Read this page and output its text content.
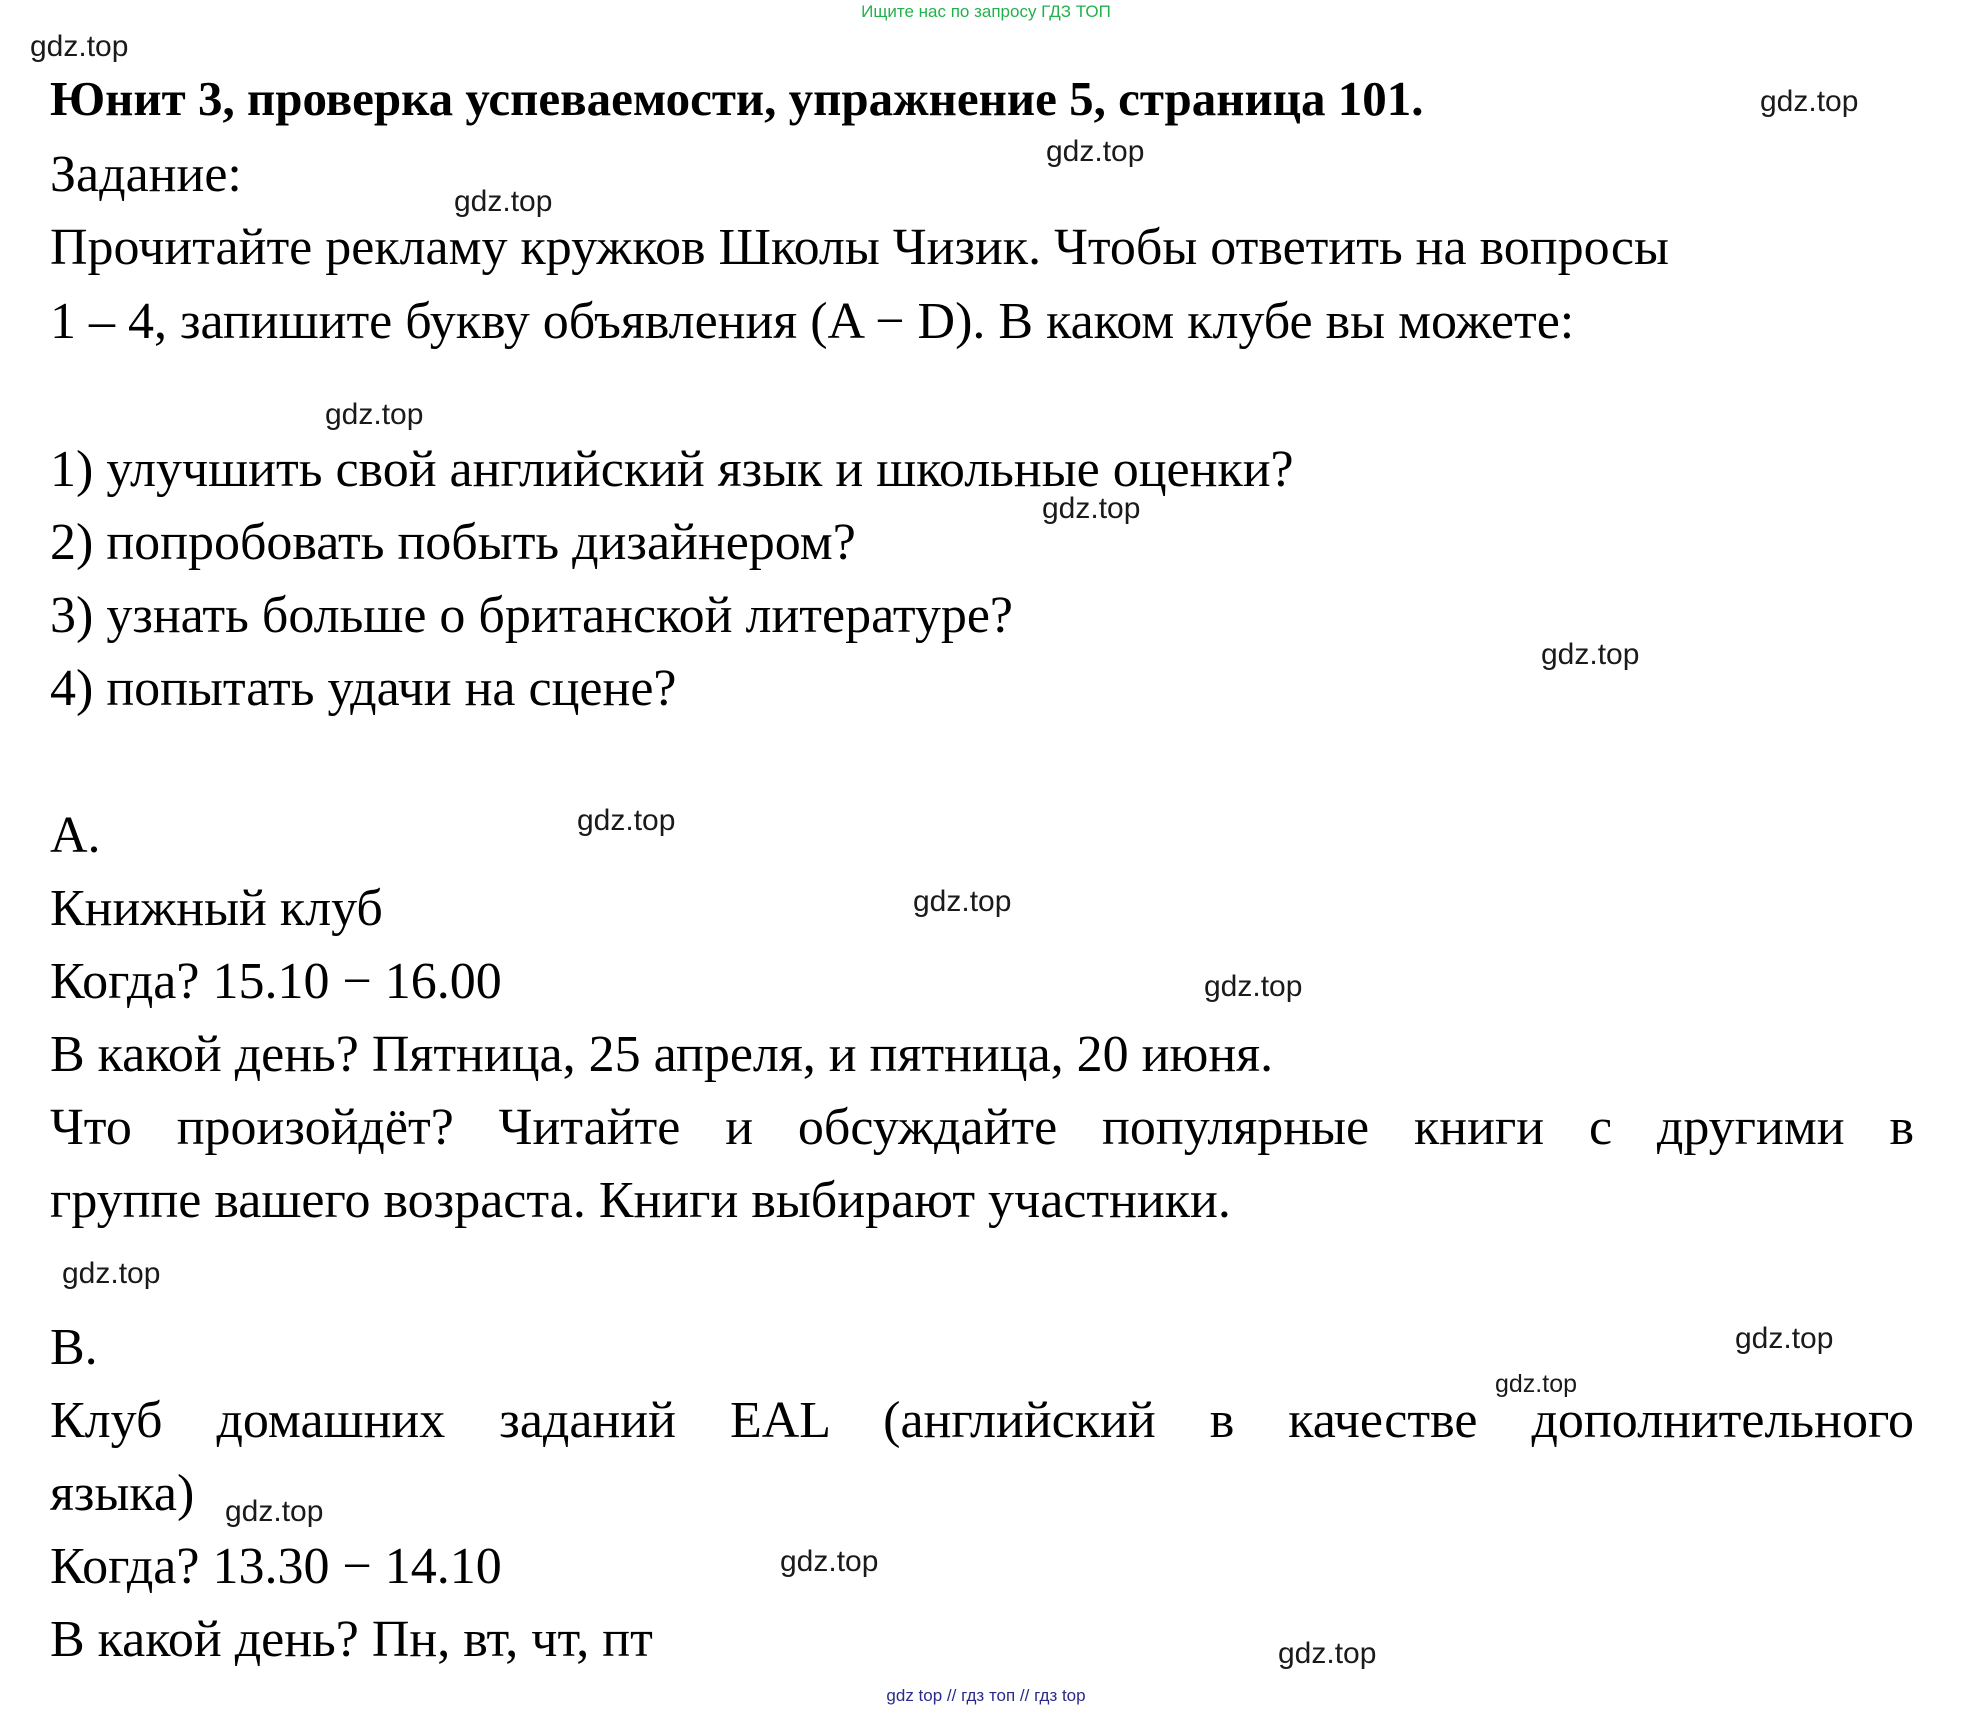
Ищите нас по запросу ГДЗ ТОП
Юнит 3, проверка успеваемости, упражнение 5, страница 101.
Задание:
Прочитайте рекламу кружков Школы Чизик. Чтобы ответить на вопросы
1 – 4, запишите букву объявления (A − D). В каком клубе вы можете:
1) улучшить свой английский язык и школьные оценки?
2) попробовать побыть дизайнером?
3) узнать больше о британской литературе?
4) попытать удачи на сцене?
A.
Книжный клуб
Когда? 15.10 − 16.00
В какой день? Пятница, 25 апреля, и пятница, 20 июня.
Что произойдёт? Читайте и обсуждайте популярные книги с другими в
группе вашего возраста. Книги выбирают участники.
B.
Клуб домашних заданий EAL (английский в качестве дополнительного
языка)
Когда? 13.30 − 14.10
В какой день? Пн, вт, чт, пт
gdz.top
gdz.top
gdz.top
gdz.top
gdz.top
gdz.top
gdz.top
gdz.top
gdz.top
gdz.top
gdz.top
gdz.top
gdz.top
gdz.top
gdz.top
gdz.top
gdz top // гдз топ // гдз top
